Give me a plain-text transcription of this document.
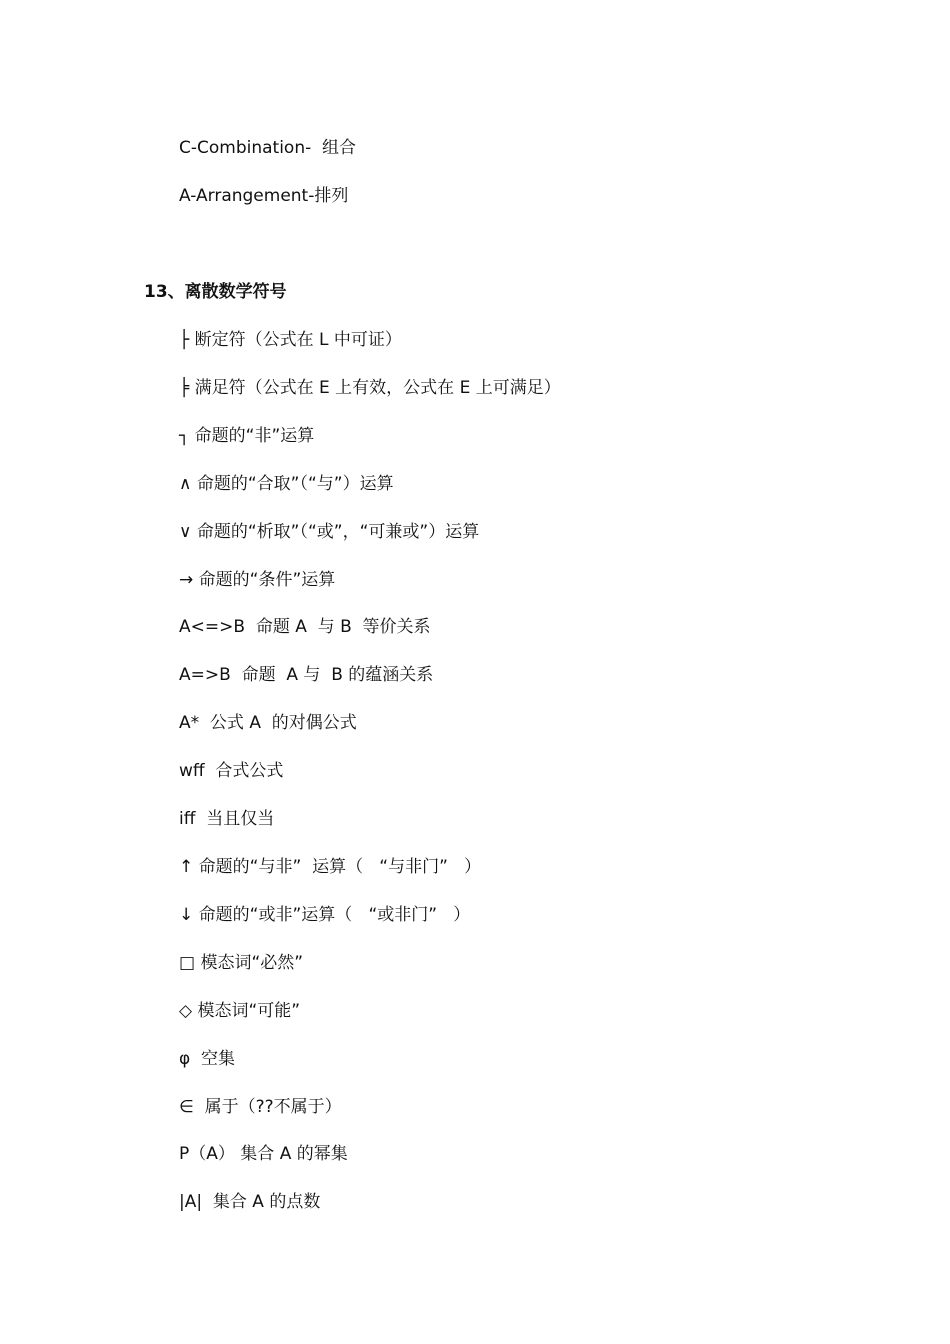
C-Combination-  组合
A-Arrangement-排列
13、离散数学符号
├ 断定符（公式在 L 中可证）
╞ 满足符（公式在 E 上有效，公式在 E 上可满足）
┐ 命题的“非”运算
∧ 命题的“合取”（“与”）运算
∨ 命题的“析取”（“或”，“可兼或”）运算
→ 命题的“条件”运算
A<=>B  命题 A  与 B  等价关系
A=>B  命题  A 与  B 的蕴涵关系
A*  公式 A  的对偶公式
wff  合式公式
iff  当且仅当
↑ 命题的“与非”  运算（   “与非门”   ）
↓ 命题的“或非”运算（   “或非门”   ）
□ 模态词“必然”
◇ 模态词“可能”
φ  空集
∈  属于（??不属于）
P（A） 集合 A 的幂集
|A|  集合 A 的点数
